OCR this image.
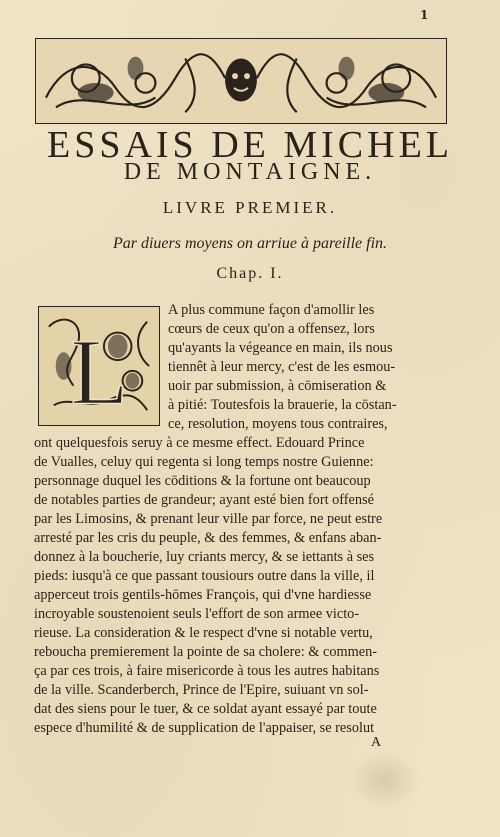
1
ESSAIS DE MICHEL
DE MONTAIGNE.
LIVRE PREMIER.
Par diuers moyens on arriue à pareille fin.
Chap. I.
L
A plus commune façon d'amollir les
cœurs de ceux qu'on a offensez, lors
qu'ayants la végeance en main, ils nous
tiennêt à leur mercy, c'est de les esmou-
uoir par submission, à cōmiseration &
à pitié: Toutesfois la brauerie, la cōstan-
ce, resolution, moyens tous contraires,
ont quelquesfois seruy à ce mesme effect. Edouard Prince
de Vualles, celuy qui regenta si long temps nostre Guienne:
personnage duquel les cōditions & la fortune ont beaucoup
de notables parties de grandeur; ayant esté bien fort offensé
par les Limosins, & prenant leur ville par force, ne peut estre
arresté par les cris du peuple, & des femmes, & enfans aban-
donnez à la boucherie, luy criants mercy, & se iettants à ses
pieds: iusqu'à ce que passant tousiours outre dans la ville, il
apperceut trois gentils-hōmes François, qui d'vne hardiesse
incroyable soustenoient seuls l'effort de son armee victo-
rieuse. La consideration & le respect d'vne si notable vertu,
reboucha premierement la pointe de sa cholere: & commen-
ça par ces trois, à faire misericorde à tous les autres habitans
de la ville. Scanderberch, Prince de l'Epire, suiuant vn sol-
dat des siens pour le tuer, & ce soldat ayant essayé par toute
espece d'humilité & de supplication de l'appaiser, se resolut
A
